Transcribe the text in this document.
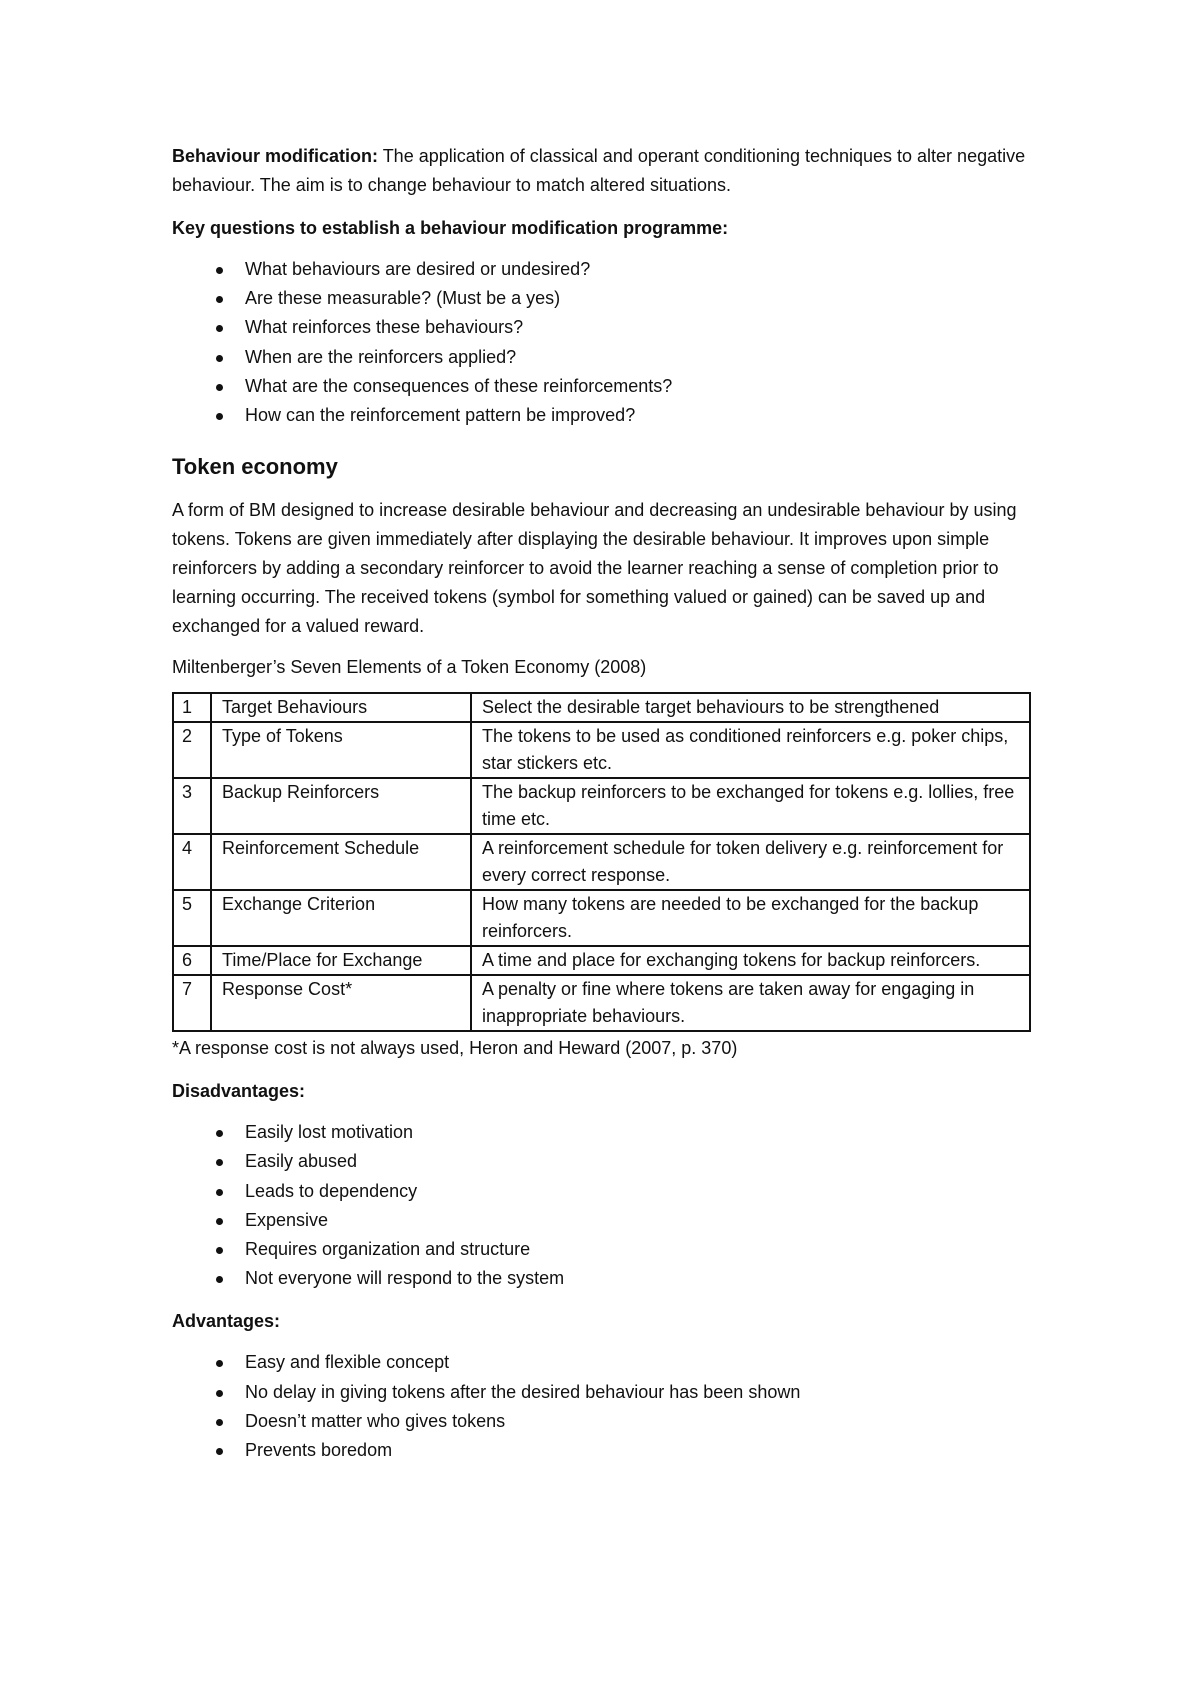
Behaviour modification: The application of classical and operant conditioning techniques to alter negative behaviour. The aim is to change behaviour to match altered situations.

Key questions to establish a behaviour modification programme:

What behaviours are desired or undesired?
Are these measurable? (Must be a yes)
What reinforces these behaviours?
When are the reinforcers applied?
What are the consequences of these reinforcements?
How can the reinforcement pattern be improved?
Token economy

A form of BM designed to increase desirable behaviour and decreasing an undesirable behaviour by using tokens. Tokens are given immediately after displaying the desirable behaviour. It improves upon simple reinforcers by adding a secondary reinforcer to avoid the learner reaching a sense of completion prior to learning occurring. The received tokens (symbol for something valued or gained) can be saved up and exchanged for a valued reward.

Miltenberger’s Seven Elements of a Token Economy (2008)

1	Target Behaviours	Select the desirable target behaviours to be strengthened
2	Type of Tokens	The tokens to be used as conditioned reinforcers e.g. poker chips, star stickers etc.
3	Backup Reinforcers	The backup reinforcers to be exchanged for tokens e.g. lollies, free time etc.
4	Reinforcement Schedule	A reinforcement schedule for token delivery e.g. reinforcement for every correct response.
5	Exchange Criterion	How many tokens are needed to be exchanged for the backup reinforcers.
6	Time/Place for Exchange	A time and place for exchanging tokens for backup reinforcers.
7	Response Cost*	A penalty or fine where tokens are taken away for engaging in inappropriate behaviours.

*A response cost is not always used, Heron and Heward (2007, p. 370)

Disadvantages:

Easily lost motivation
Easily abused
Leads to dependency
Expensive
Requires organization and structure
Not everyone will respond to the system

Advantages:

Easy and flexible concept
No delay in giving tokens after the desired behaviour has been shown
Doesn’t matter who gives tokens
Prevents boredom
